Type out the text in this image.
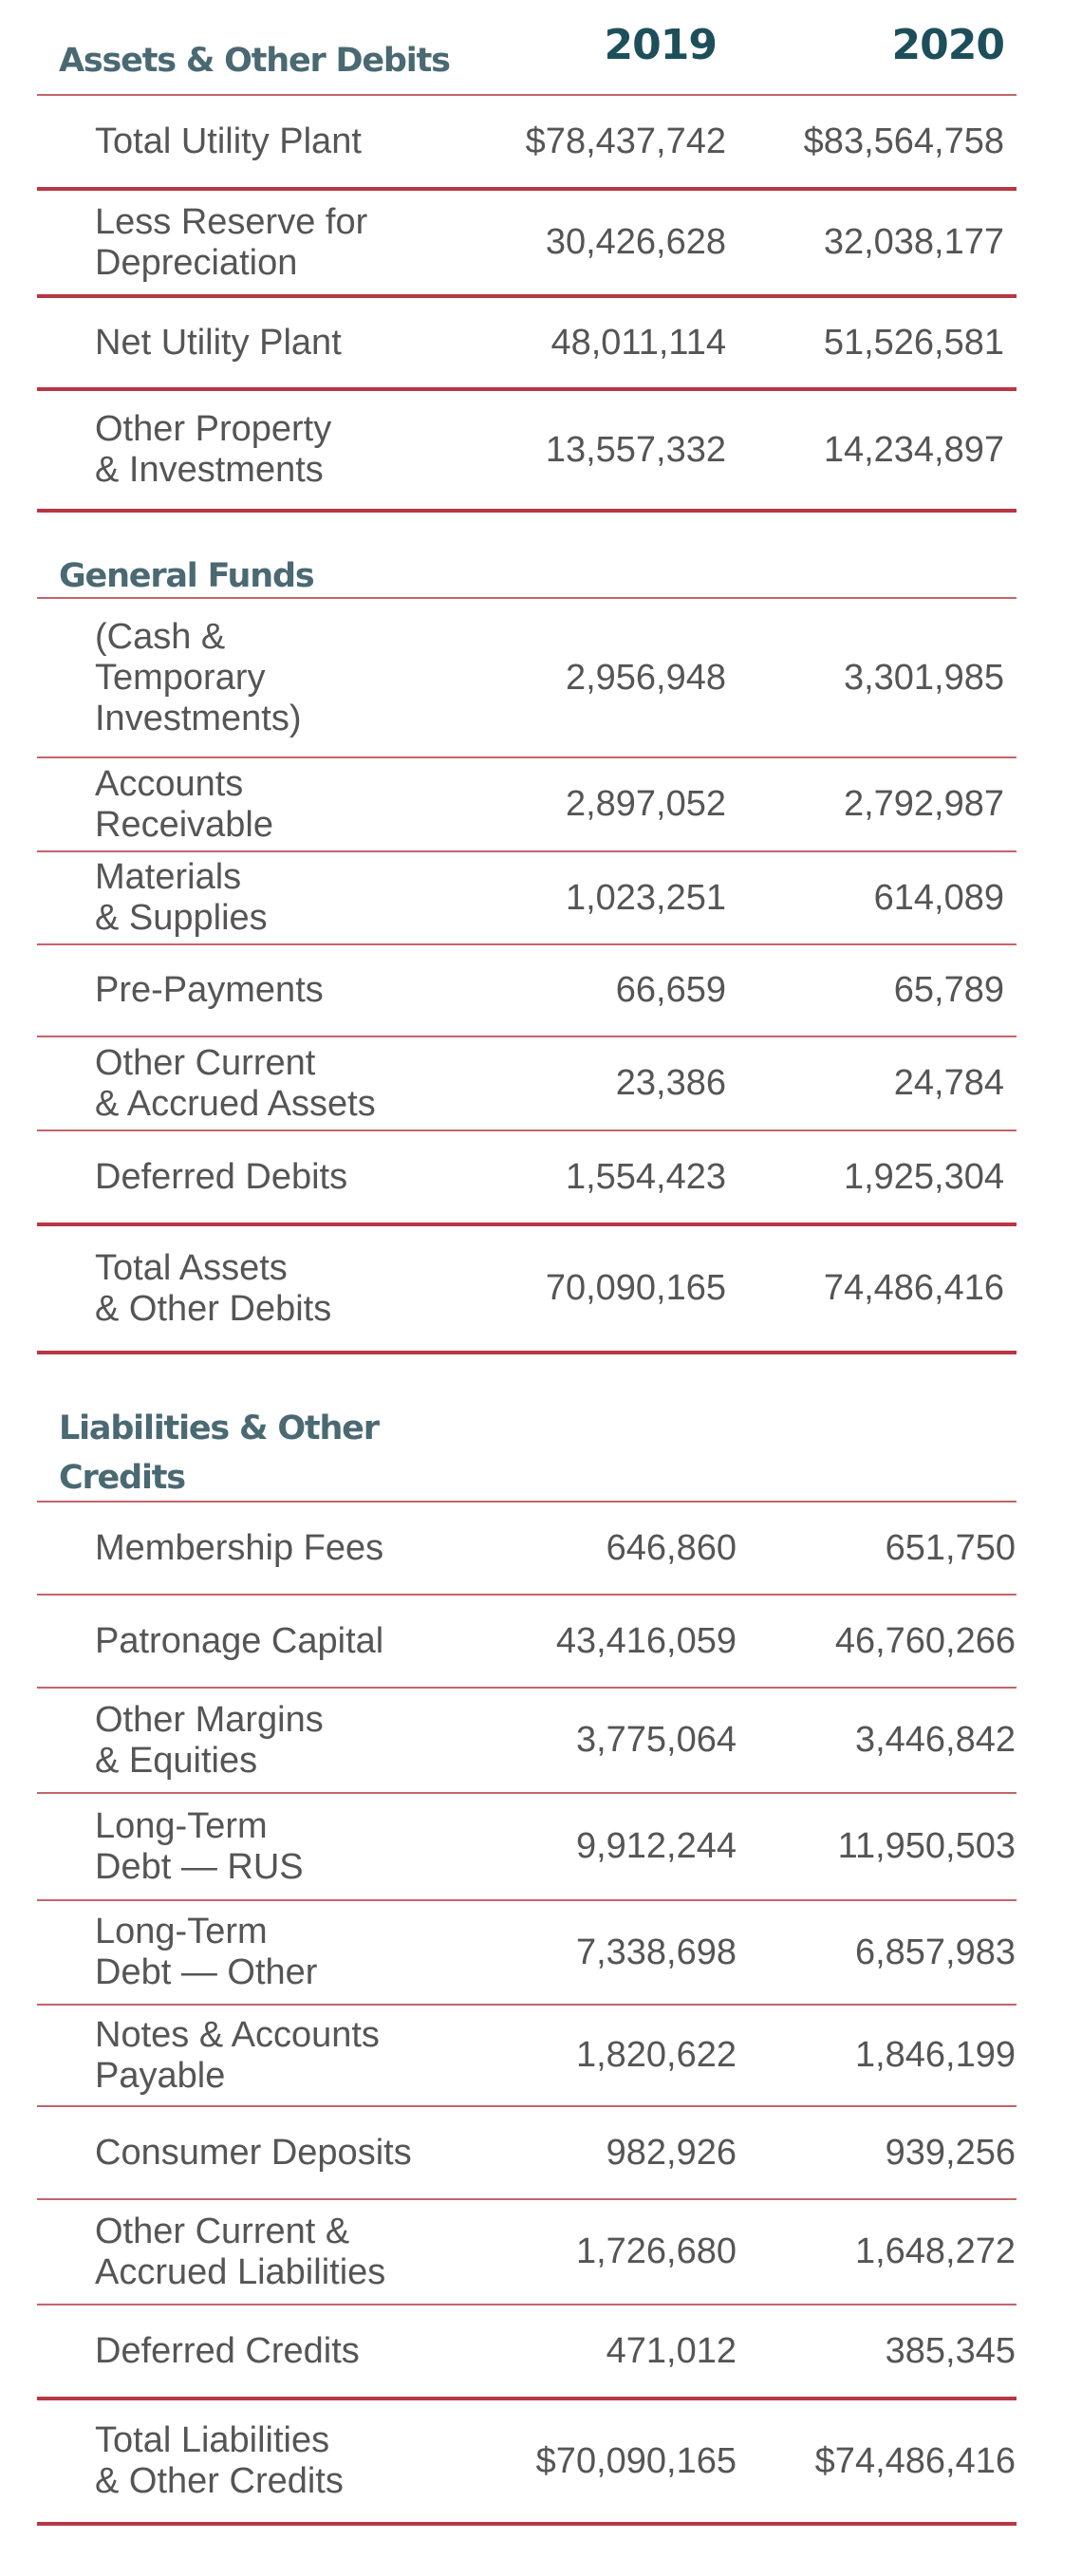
Assets & Other Debits	2019	2020
Total Utility Plant	$78,437,742 $83,564,758
Less Reserve for
Depreciation
30,426,628	32,038,177
Net Utility Plant	48,011,114	51,526,581
Other Property
& Investments
13,557,332	14,234,897
General Funds
(Cash &
Temporary
Investments)
2,956,948	3,301,985
Accounts
Receivable
2,897,052	2,792,987
Materials
& Supplies
1,023,251	614,089
Pre-Payments	66,659	65,789
Other Current
& Accrued Assets
23,386	24,784
Deferred Debits	1,554,423	1,925,304
Total Assets
& Other Debits
70,090,165	74,486,416
Liabilities & Other Credits
Membership Fees	646,860	651,750
Patronage Capital	43,416,059	46,760,266
Other Margins
& Equities
3,775,064	3,446,842
Long-Term
Debt — RUS
9,912,244	11,950,503
Long-Term
Debt — Other
7,338,698	6,857,983
Notes & Accounts
Payable
1,820,622	1,846,199
Consumer Deposits	982,926	939,256
Other Current &
Accrued Liabilities
1,726,680	1,648,272
Deferred Credits	471,012	385,345
Total Liabilities
& Other Credits
$70,090,165 $74,486,416
